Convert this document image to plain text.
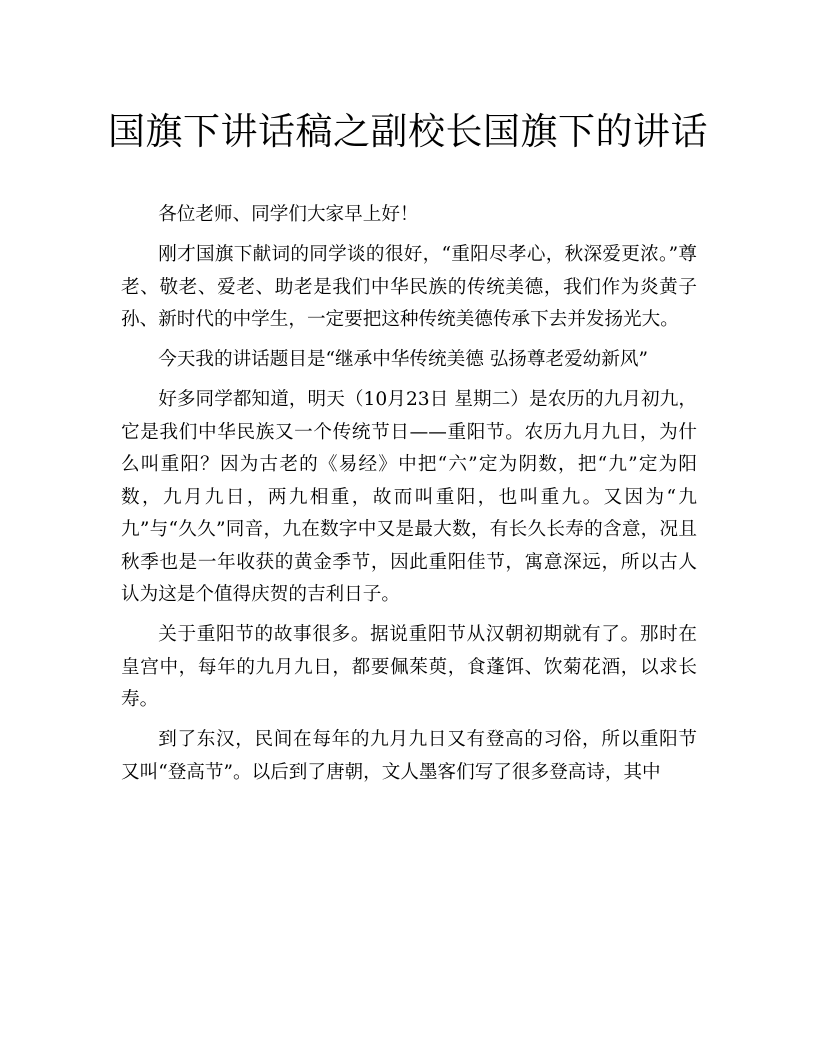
国旗下讲话稿之副校长国旗下的讲话

各位老师、同学们大家早上好！

刚才国旗下献词的同学谈的很好，“重阳尽孝心，秋深爱更浓。”尊老、敬老、爱老、助老是我们中华民族的传统美德，我们作为炎黄子孙、新时代的中学生，一定要把这种传统美德传承下去并发扬光大。

今天我的讲话题目是“继承中华传统美德 弘扬尊老爱幼新风”

好多同学都知道，明天（10月23日 星期二）是农历的九月初九，它是我们中华民族又一个传统节日——重阳节。农历九月九日，为什么叫重阳？因为古老的《易经》中把“六”定为阴数，把“九”定为阳数，九月九日，两九相重，故而叫重阳，也叫重九。又因为“九九”与“久久”同音，九在数字中又是最大数，有长久长寿的含意，况且秋季也是一年收获的黄金季节，因此重阳佳节，寓意深远，所以古人认为这是个值得庆贺的吉利日子。

关于重阳节的故事很多。据说重阳节从汉朝初期就有了。那时在皇宫中，每年的九月九日，都要佩茱萸，食蓬饵、饮菊花酒，以求长寿。

到了东汉，民间在每年的九月九日又有登高的习俗，所以重阳节又叫“登高节”。以后到了唐朝，文人墨客们写了很多登高诗，其中
